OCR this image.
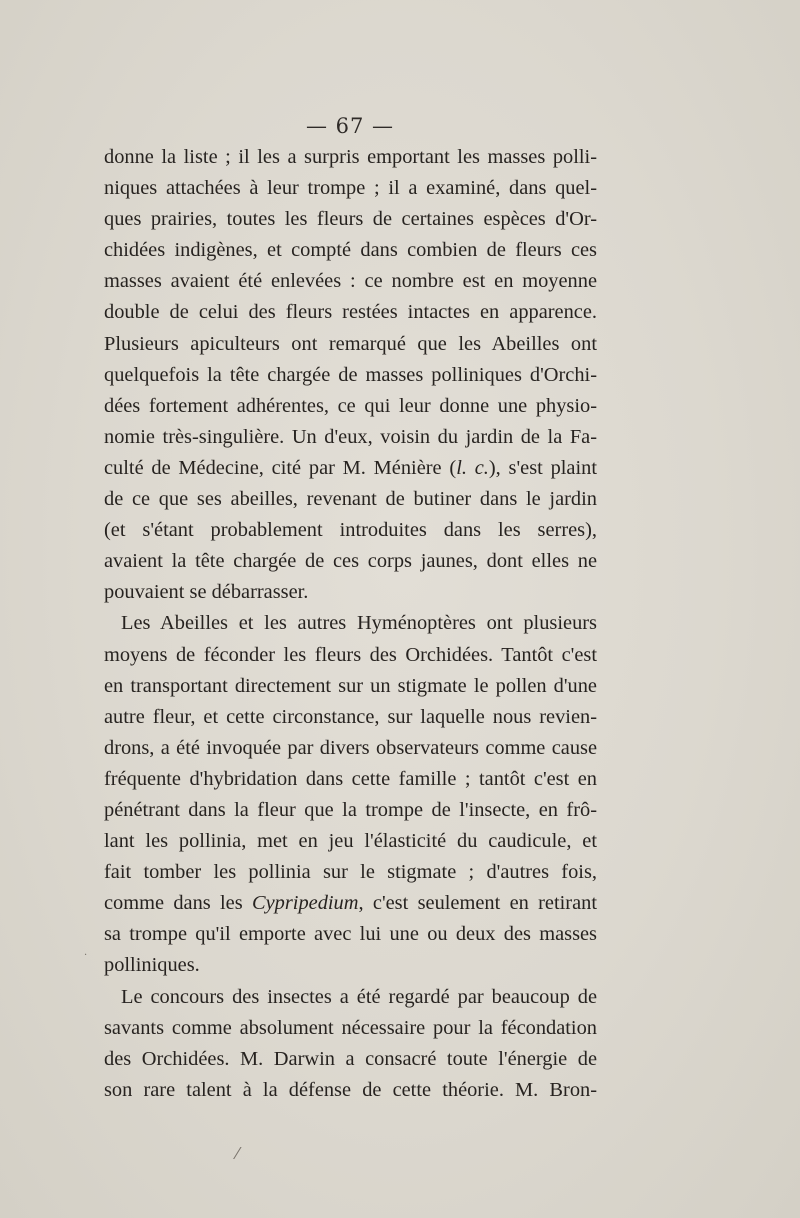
— 67 —
donne la liste ; il les a surpris emportant les masses polli-
niques attachées à leur trompe ; il a examiné, dans quel-
ques prairies, toutes les fleurs de certaines espèces d'Or-
chidées indigènes, et compté dans combien de fleurs ces
masses avaient été enlevées : ce nombre est en moyenne
double de celui des fleurs restées intactes en apparence.
Plusieurs apiculteurs ont remarqué que les Abeilles ont
quelquefois la tête chargée de masses polliniques d'Orchi-
dées fortement adhérentes, ce qui leur donne une physio-
nomie très-singulière. Un d'eux, voisin du jardin de la Fa-
culté de Médecine, cité par M. Ménière (l. c.), s'est plaint
de ce que ses abeilles, revenant de butiner dans le jardin
(et s'étant probablement introduites dans les serres),
avaient la tête chargée de ces corps jaunes, dont elles ne
pouvaient se débarrasser.
Les Abeilles et les autres Hyménoptères ont plusieurs
moyens de féconder les fleurs des Orchidées. Tantôt c'est
en transportant directement sur un stigmate le pollen d'une
autre fleur, et cette circonstance, sur laquelle nous revien-
drons, a été invoquée par divers observateurs comme cause
fréquente d'hybridation dans cette famille ; tantôt c'est en
pénétrant dans la fleur que la trompe de l'insecte, en frô-
lant les pollinia, met en jeu l'élasticité du caudicule, et
fait tomber les pollinia sur le stigmate ; d'autres fois,
comme dans les Cypripedium, c'est seulement en retirant
sa trompe qu'il emporte avec lui une ou deux des masses
polliniques.
Le concours des insectes a été regardé par beaucoup de
savants comme absolument nécessaire pour la fécondation
des Orchidées. M. Darwin a consacré toute l'énergie de
son rare talent à la défense de cette théorie. M. Bron-
·
⁄
